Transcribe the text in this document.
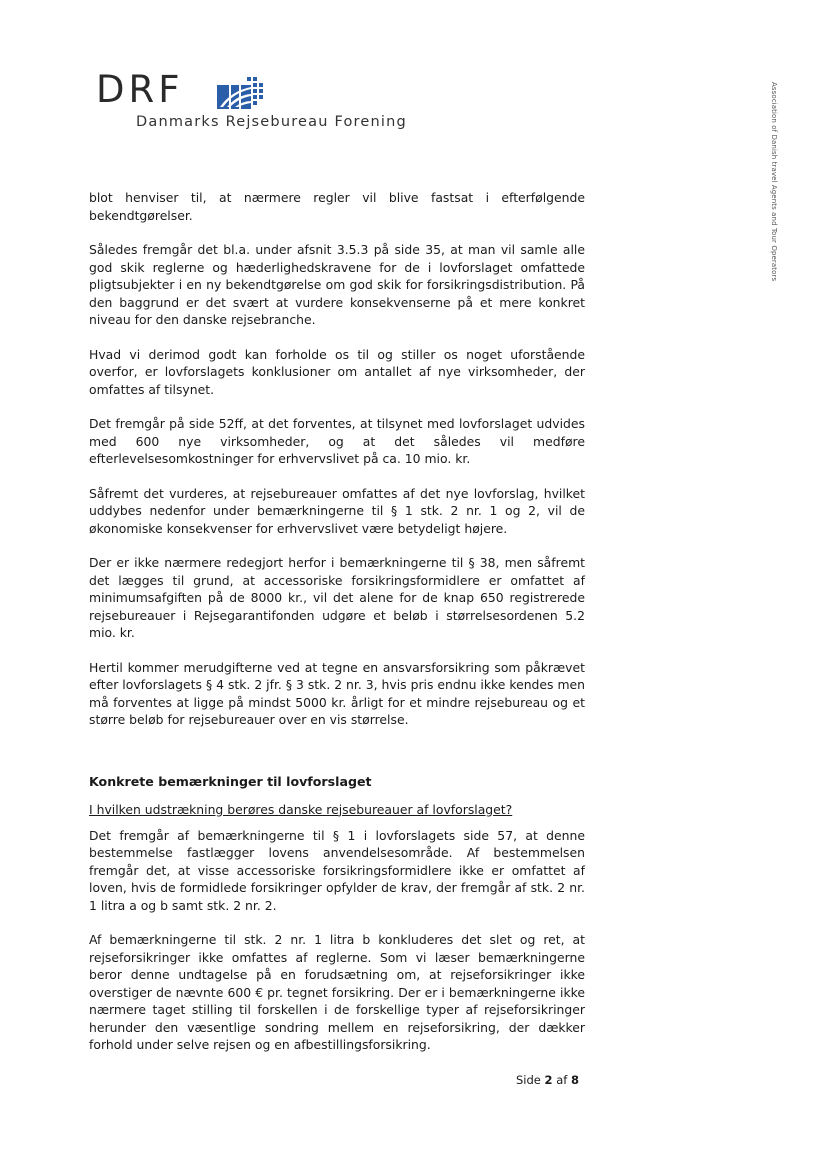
DRF
Danmarks Rejsebureau Forening	Association of Danish travel Agents and Tour Operators

blot henviser til, at nærmere regler vil blive fastsat i efterfølgende bekendtgørelser.

Således fremgår det bl.a. under afsnit 3.5.3 på side 35, at man vil samle alle god skik reglerne og hæderlighedskravene for de i lovforslaget omfattede pligtsubjekter i en ny bekendtgørelse om god skik for forsikringsdistribution. På den baggrund er det svært at vurdere konsekvenserne på et mere konkret niveau for den danske rejsebranche.

Hvad vi derimod godt kan forholde os til og stiller os noget uforstående overfor, er lovforslagets konklusioner om antallet af nye virksomheder, der omfattes af tilsynet.

Det fremgår på side 52ff, at det forventes, at tilsynet med lovforslaget udvides med 600 nye virksomheder, og at det således vil medføre efterlevelsesomkostninger for erhvervslivet på ca. 10 mio. kr.

Såfremt det vurderes, at rejsebureauer omfattes af det nye lovforslag, hvilket uddybes nedenfor under bemærkningerne til § 1 stk. 2 nr. 1 og 2, vil de økonomiske konsekvenser for erhvervslivet være betydeligt højere.

Der er ikke nærmere redegjort herfor i bemærkningerne til § 38, men såfremt det lægges til grund, at accessoriske forsikringsformidlere er omfattet af minimumsafgiften på de 8000 kr., vil det alene for de knap 650 registrerede rejsebureauer i Rejsegarantifonden udgøre et beløb i størrelsesordenen 5.2 mio. kr.

Hertil kommer merudgifterne ved at tegne en ansvarsforsikring som påkrævet efter lovforslagets § 4 stk. 2 jfr. § 3 stk. 2 nr. 3, hvis pris endnu ikke kendes men må forventes at ligge på mindst 5000 kr. årligt for et mindre rejsebureau og et større beløb for rejsebureauer over en vis størrelse.

Konkrete bemærkninger til lovforslaget
I hvilken udstrækning berøres danske rejsebureauer af lovforslaget?

Det fremgår af bemærkningerne til § 1 i lovforslagets side 57, at denne bestemmelse fastlægger lovens anvendelsesområde. Af bestemmelsen fremgår det, at visse accessoriske forsikringsformidlere ikke er omfattet af loven, hvis de formidlede forsikringer opfylder de krav, der fremgår af stk. 2 nr. 1 litra a og b samt stk. 2 nr. 2.

Af bemærkningerne til stk. 2 nr. 1 litra b konkluderes det slet og ret, at rejseforsikringer ikke omfattes af reglerne. Som vi læser bemærkningerne beror denne undtagelse på en forudsætning om, at rejseforsikringer ikke overstiger de nævnte 600 € pr. tegnet forsikring. Der er i bemærkningerne ikke nærmere taget stilling til forskellen i de forskellige typer af rejseforsikringer herunder den væsentlige sondring mellem en rejseforsikring, der dækker forhold under selve rejsen og en afbestillingsforsikring.

Side 2 af 8
